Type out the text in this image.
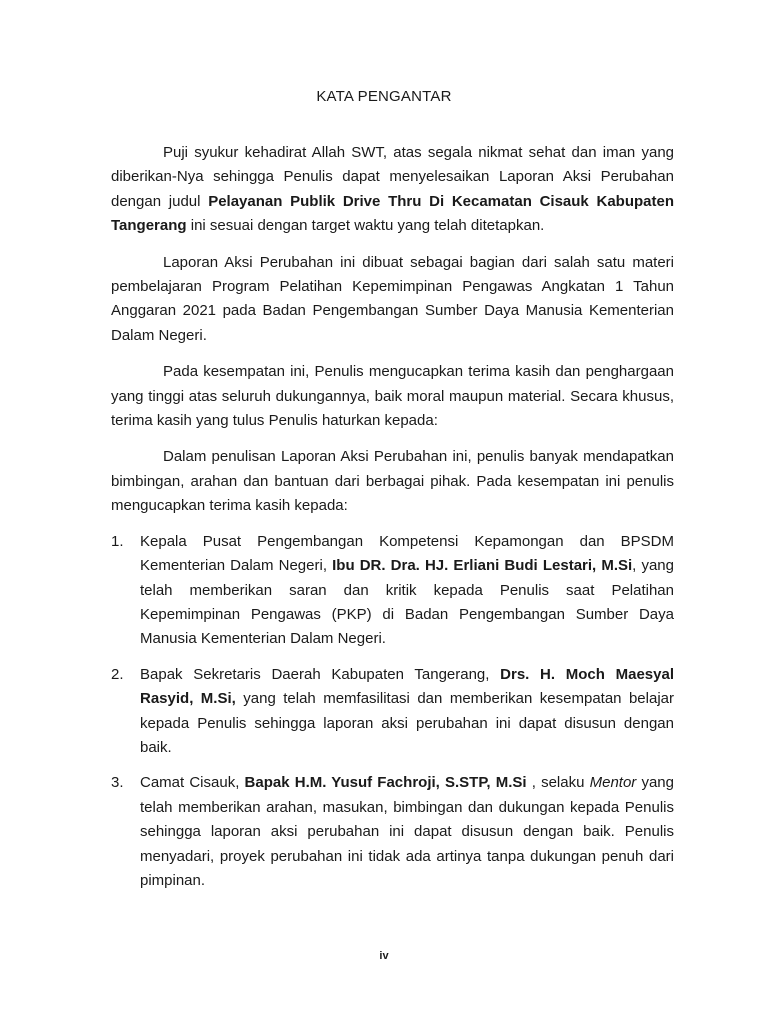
KATA PENGANTAR

Puji syukur kehadirat Allah SWT, atas segala nikmat sehat dan iman yang diberikan-Nya sehingga Penulis dapat menyelesaikan Laporan Aksi Perubahan dengan judul Pelayanan Publik Drive Thru Di Kecamatan Cisauk Kabupaten Tangerang ini sesuai dengan target waktu yang telah ditetapkan.

Laporan Aksi Perubahan ini dibuat sebagai bagian dari salah satu materi pembelajaran Program Pelatihan Kepemimpinan Pengawas Angkatan 1 Tahun Anggaran 2021 pada Badan Pengembangan Sumber Daya Manusia Kementerian Dalam Negeri.

Pada kesempatan ini, Penulis mengucapkan terima kasih dan penghargaan yang tinggi atas seluruh dukungannya, baik moral maupun material. Secara khusus, terima kasih yang tulus Penulis haturkan kepada:

Dalam penulisan Laporan Aksi Perubahan ini, penulis banyak mendapatkan bimbingan, arahan dan bantuan dari berbagai pihak. Pada kesempatan ini penulis mengucapkan terima kasih kepada:

1. Kepala Pusat Pengembangan Kompetensi Kepamongan dan BPSDM Kementerian Dalam Negeri, Ibu DR. Dra. HJ. Erliani Budi Lestari, M.Si, yang telah memberikan saran dan kritik kepada Penulis saat Pelatihan Kepemimpinan Pengawas (PKP) di Badan Pengembangan Sumber Daya Manusia Kementerian Dalam Negeri.
2. Bapak Sekretaris Daerah Kabupaten Tangerang, Drs. H. Moch Maesyal Rasyid, M.Si, yang telah memfasilitasi dan memberikan kesempatan belajar kepada Penulis sehingga laporan aksi perubahan ini dapat disusun dengan baik.
3. Camat Cisauk, Bapak H.M. Yusuf Fachroji, S.STP, M.Si , selaku Mentor yang telah memberikan arahan, masukan, bimbingan dan dukungan kepada Penulis sehingga laporan aksi perubahan ini dapat disusun dengan baik. Penulis menyadari, proyek perubahan ini tidak ada artinya tanpa dukungan penuh dari pimpinan.
iv
